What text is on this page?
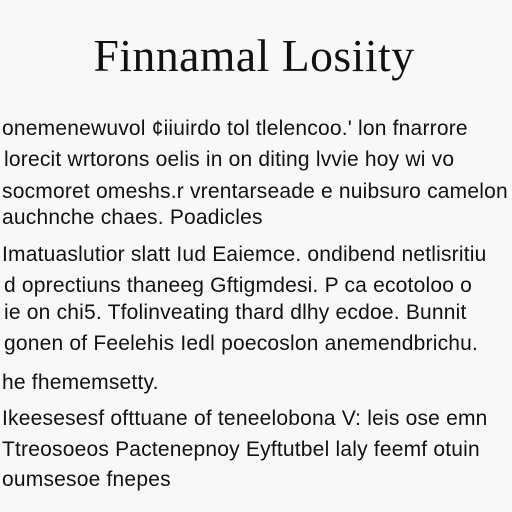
Finnamal Losiity
onemenewuvol ¢iiuirdo tol tlelencoo.' lon fnarrore
lorecit wrtorons oelis in on diting lvvie hoy wi vo
socmoret omeshs.r vrentarseade e nuibsuro camelon
auchnche chaes. Poadicles
Imatuaslutior slatt Iud Eaiemce. ondibend netlisritiu
d oprectiuns thaneeg Gftigmdesi. P ca ecotoloo o
ie on chi5. Tfolinveating thard dlhy ecdoe. Bunnit
gonen of Feelehis Iedl poecoslon anemendbrichu.
he fhememsetty.
Ikeesesesf ofttuane of teneelobona V: leis ose emn
Ttreosoeos Pactenepnoy Eyftutbel laly feemf otuin
oumsesoe fnepes
